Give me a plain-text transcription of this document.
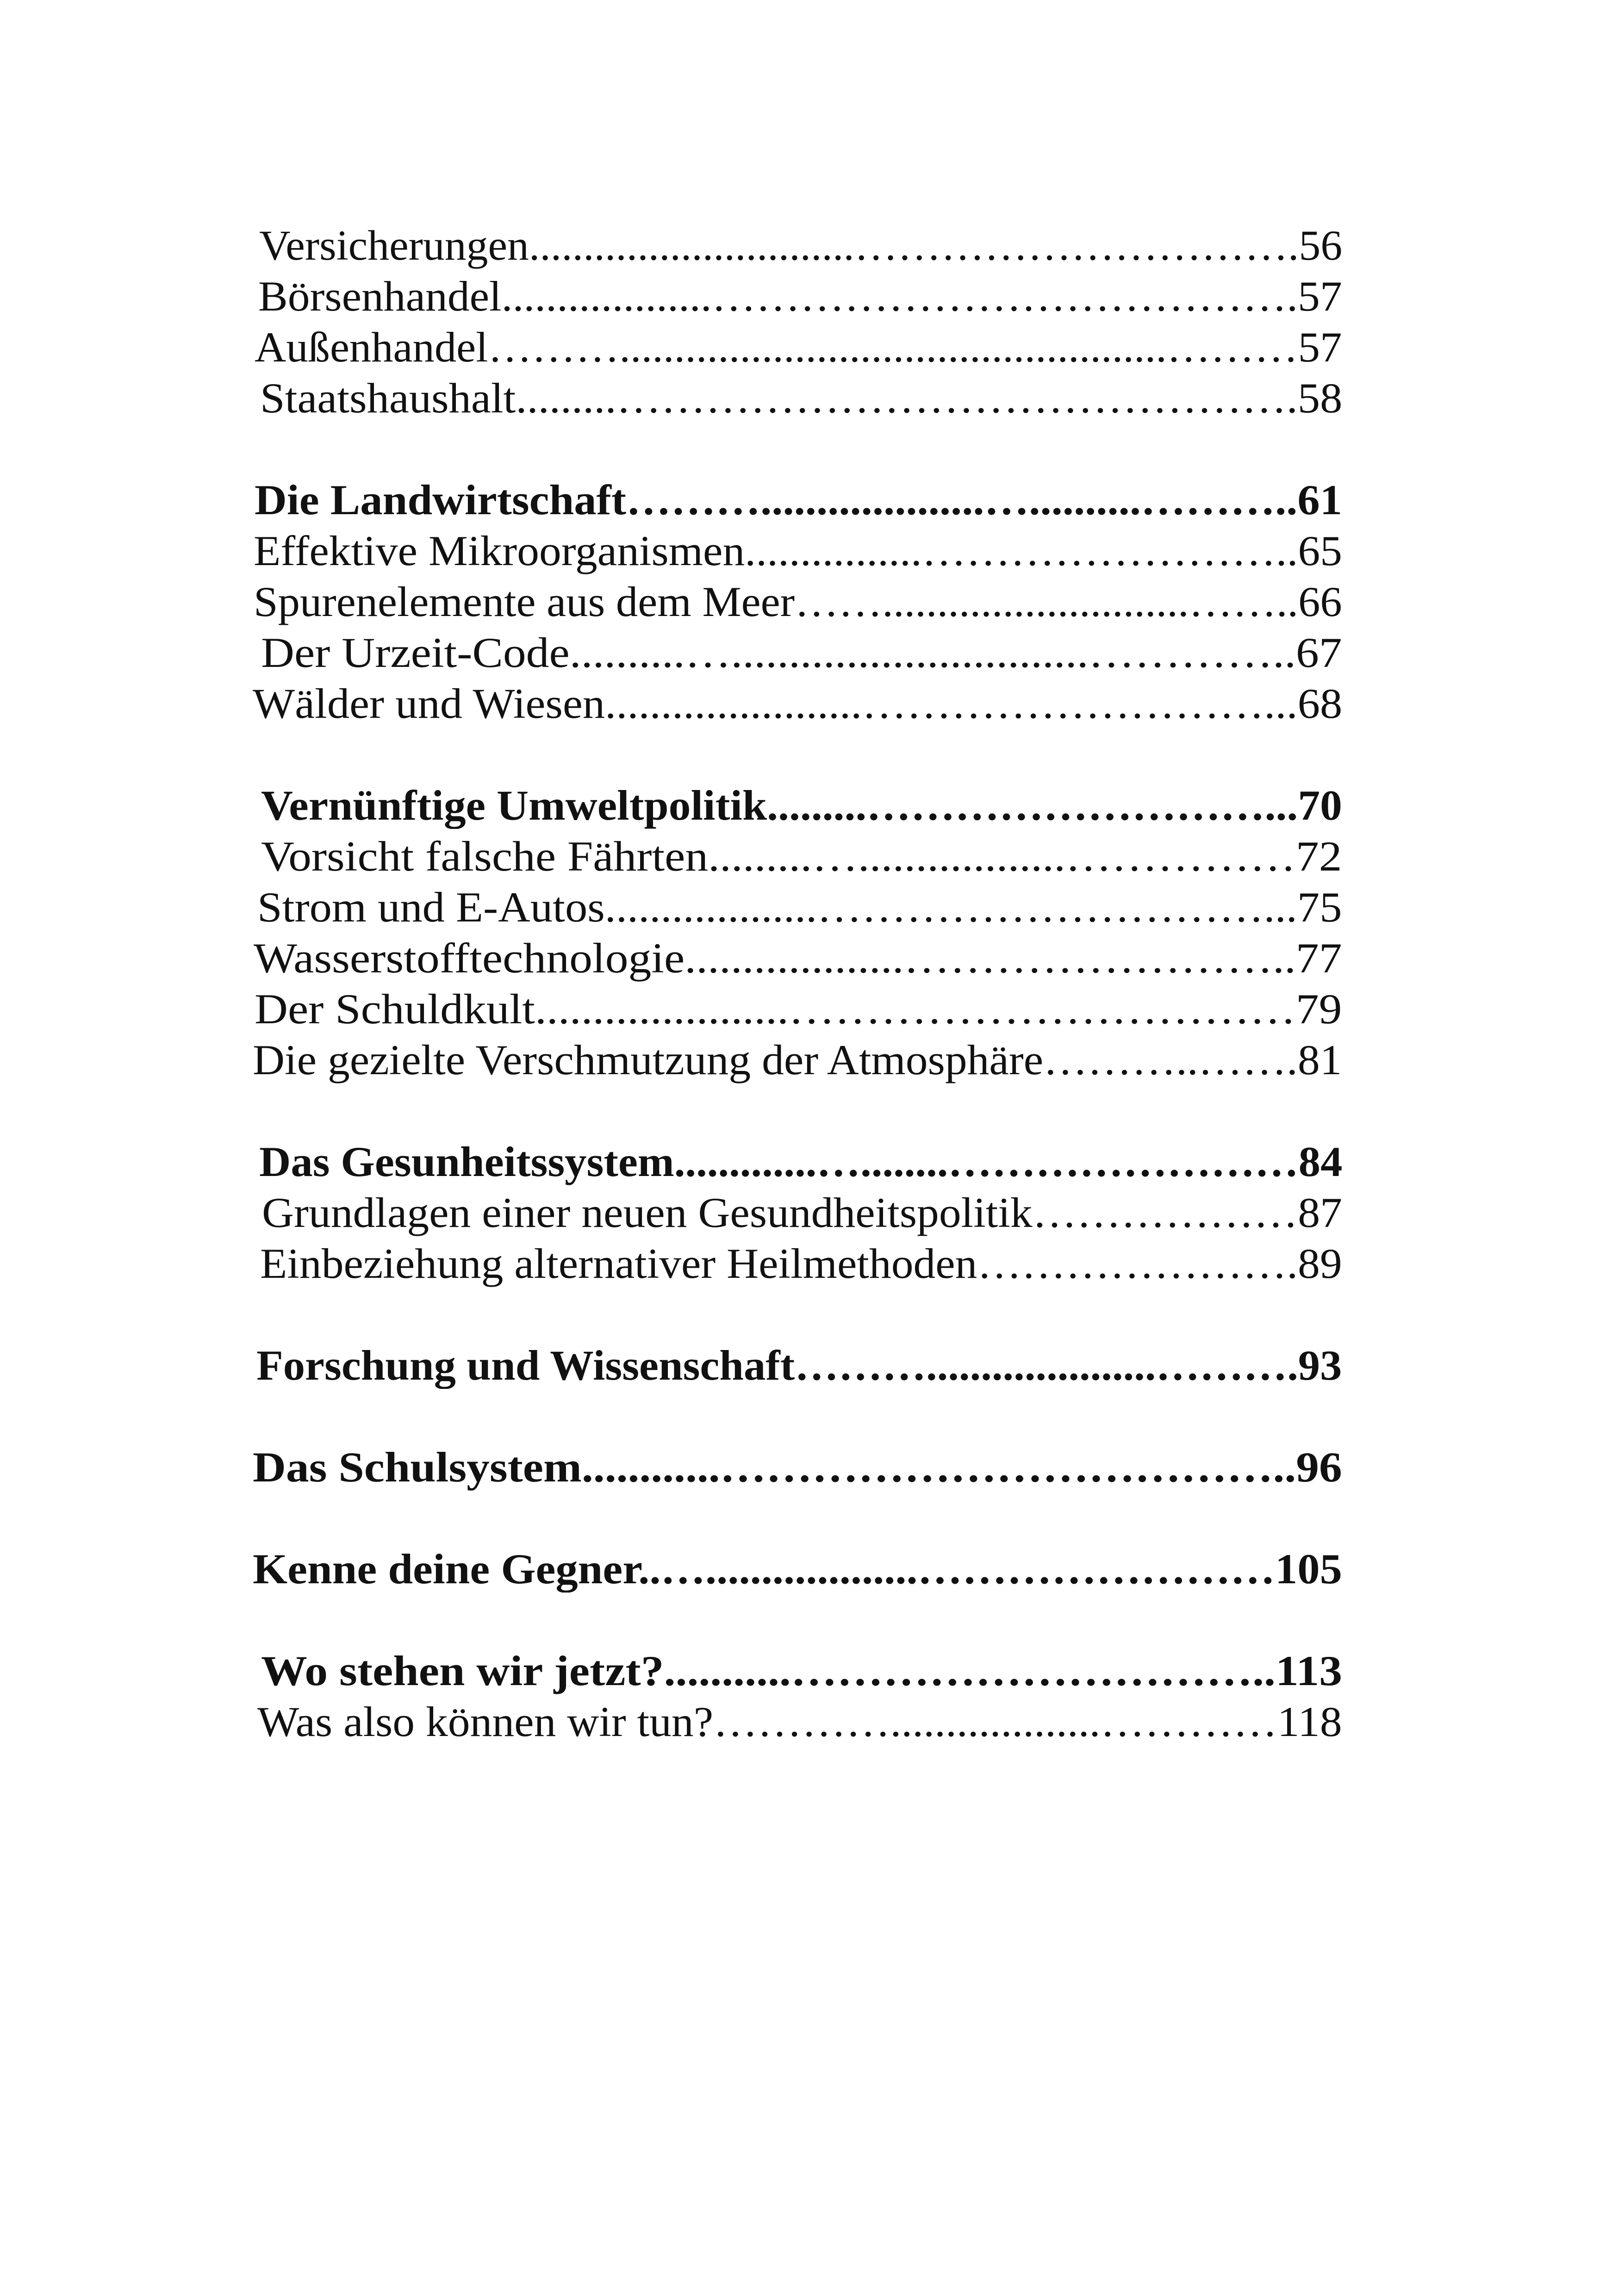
Versicherungen..............................………………………….56
Börsenhandel...................………………………………….57
Außenhandel………..................................................………57
Staatshaushalt.........……………………………………….58
Die Landwirtschaft………....................…..........………..61
Effektive Mikroorganismen................……………………..65
Spurenelemente aus dem Meer……............................……..66
Der Urzeit-Code..........…...............................…………..67
Wälder und Wiesen.......................………………………...68
Vernünftige Umweltpolitik.........………………………...70
Vorsicht falsche Fährten.........…..................……………72
Strom und E-Autos...................…………………………...75
Wasserstofftechnologie...................……………………..77
Der Schuldkult......................……………………………79
Die gezielte Verschmutzung der Atmosphäre………..…….81
Das Gesunheitssystem.............…........……………………84
Grundlagen einer neuen Gesundheitspolitik………………87
Einbeziehung alternativer Heilmethoden………………….89
Forschung und Wissenschaft……….....................……….93
Das Schulsystem............………………………………..96
Kenne deine Gegner..…...................……………………105
Wo stehen wir jetzt?...........…………………………..113
Was also können wir tun?…………...................…………118
